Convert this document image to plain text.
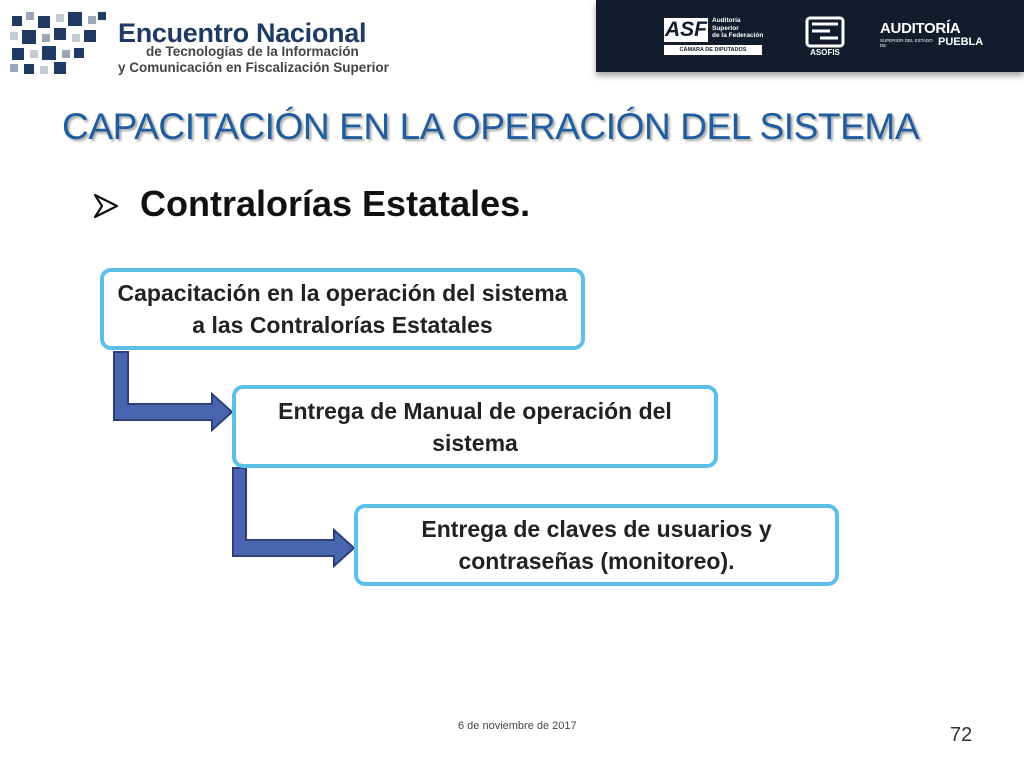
Encuentro Nacional
de Tecnologías de la Información
y Comunicación en Fiscalización Superior
ASF Auditoría
Superior
de la Federación
CÁMARA DE DIPUTADOS	ASOFIS
AUDITORÍA
SUPERIOR DEL ESTADO DE	PUEBLA
CAPACITACIÓN EN LA OPERACIÓN DEL SISTEMA
Contralorías Estatales.
Capacitación en la operación del sistema a las Contralorías Estatales
Entrega de Manual de operación del sistema
Entrega de claves de usuarios y contraseñas (monitoreo).
6 de noviembre de 2017	72
